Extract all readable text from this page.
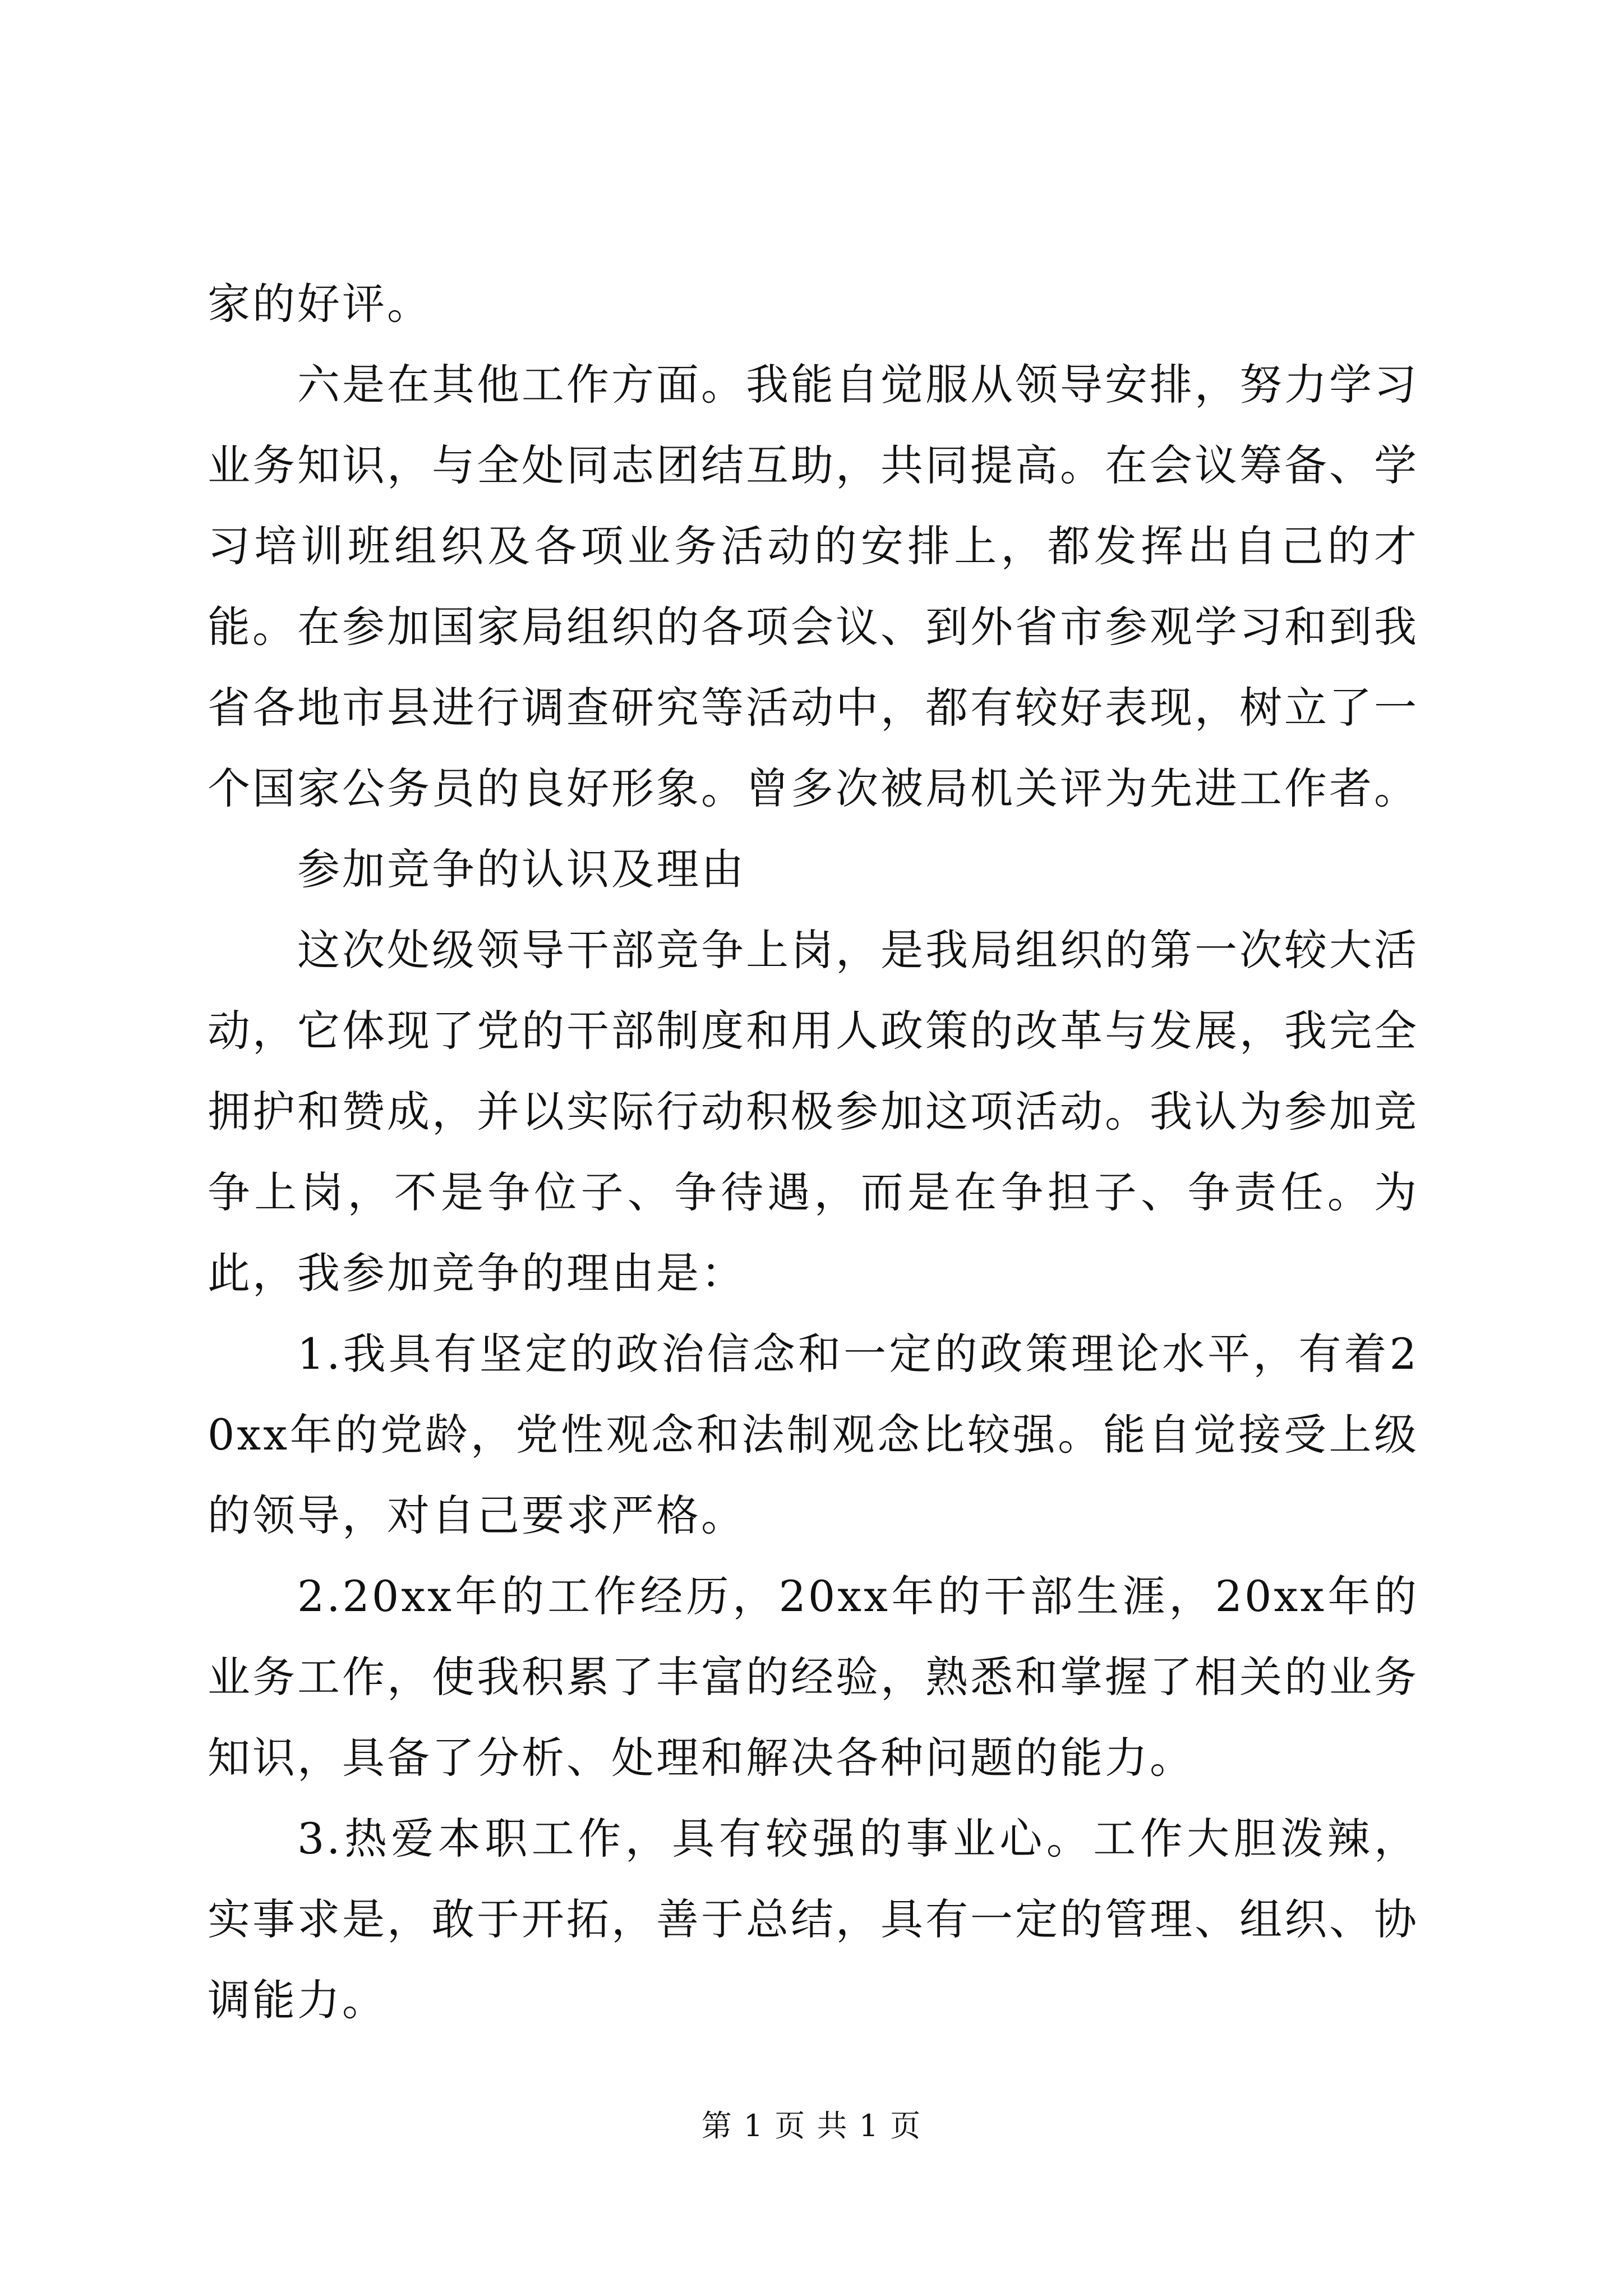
家的好评。

六是在其他工作方面。我能自觉服从领导安排，努力学习业务知识，与全处同志团结互助，共同提高。在会议筹备、学习培训班组织及各项业务活动的安排上，都发挥出自己的才能。在参加国家局组织的各项会议、到外省市参观学习和到我省各地市县进行调查研究等活动中，都有较好表现，树立了一个国家公务员的良好形象。曾多次被局机关评为先进工作者。

参加竞争的认识及理由

这次处级领导干部竞争上岗，是我局组织的第一次较大活动，它体现了党的干部制度和用人政策的改革与发展，我完全拥护和赞成，并以实际行动积极参加这项活动。我认为参加竞争上岗，不是争位子、争待遇，而是在争担子、争责任。为此，我参加竞争的理由是：

1.我具有坚定的政治信念和一定的政策理论水平，有着20xx年的党龄，党性观念和法制观念比较强。能自觉接受上级的领导，对自己要求严格。

2.20xx年的工作经历，20xx年的干部生涯，20xx年的业务工作，使我积累了丰富的经验，熟悉和掌握了相关的业务知识，具备了分析、处理和解决各种问题的能力。

3.热爱本职工作，具有较强的事业心。工作大胆泼辣，实事求是，敢于开拓，善于总结，具有一定的管理、组织、协调能力。

第 1 页 共 1 页
